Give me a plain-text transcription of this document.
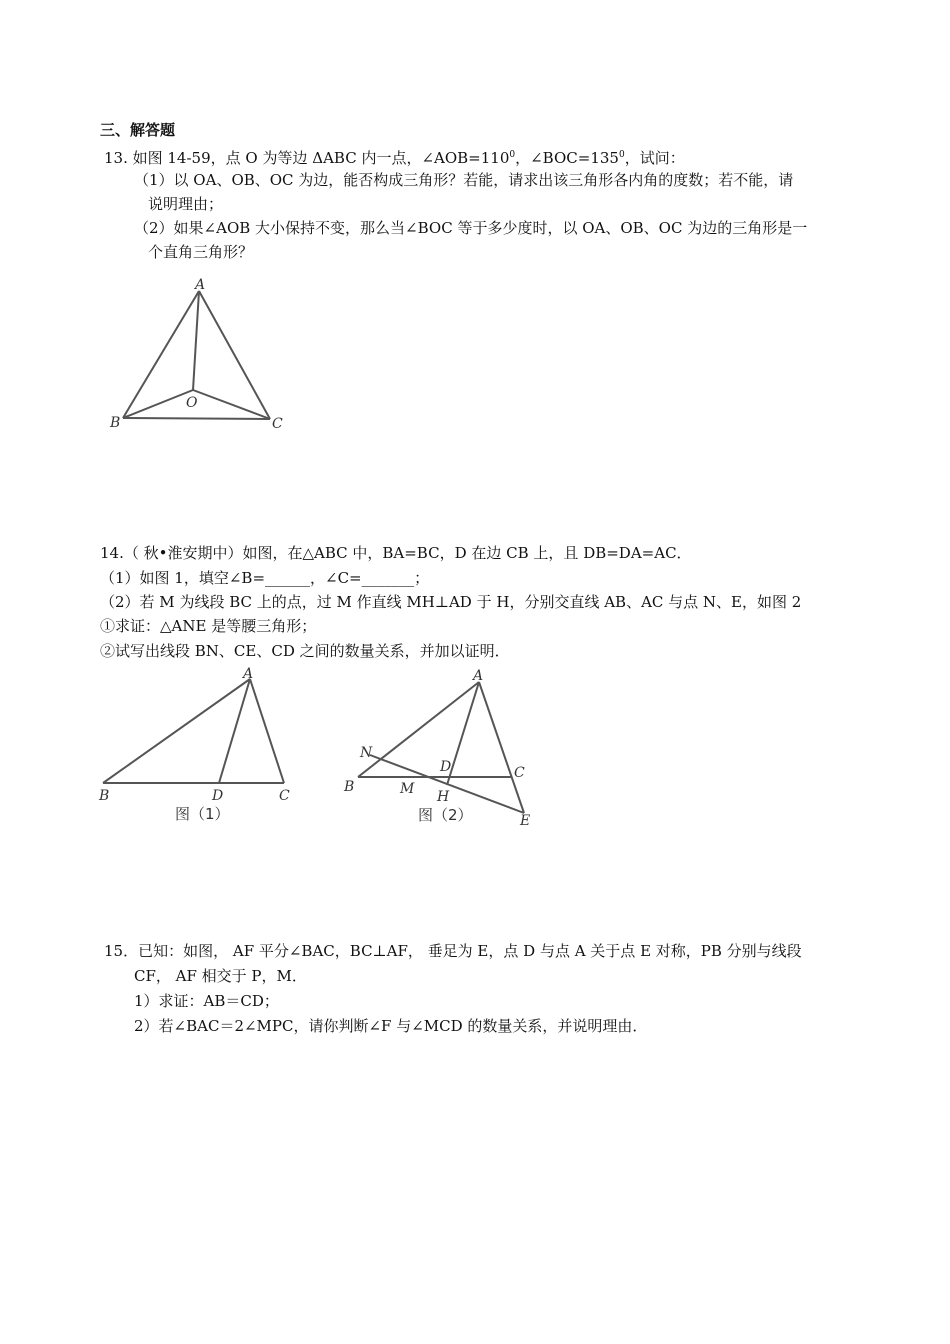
三、解答题
13. 如图 14-59，点 O 为等边 ΔABC 内一点，$\angle AOB=110^0$，$\angle BOC=135^0$，试问：
（1）以 OA、OB、OC 为边，能否构成三角形？若能，请求出该三角形各内角的度数；若不能，请
说明理由；
（2）如果∠AOB 大小保持不变，那么当∠BOC 等于多少度时，以 OA、OB、OC 为边的三角形是一
个直角三角形？
A
B	C
O
14.（ 秋•淮安期中）如图，在△ABC 中，BA=BC，D 在边 CB 上，且 DB=DA=AC．
（1）如图 1，填空∠B=______，∠C=_______；
（2）若 M 为线段 BC 上的点，过 M 作直线 MH⊥AD 于 H，分别交直线 AB、AC 与点 N、E，如图 2
①求证：△ANE 是等腰三角形；
②试写出线段 BN、CE、CD 之间的数量关系，并加以证明．
A
B	D	C
图（1）
A
N
D	C
B	M H
E
图（2）
15．已知：如图， AF 平分∠BAC，BC⊥AF， 垂足为 E，点 D 与点 A 关于点 E 对称，PB 分别与线段
CF， AF 相交于 P，M．
1）求证：AB＝CD；
2）若∠BAC＝2∠MPC，请你判断∠F 与∠MCD 的数量关系，并说明理由．
